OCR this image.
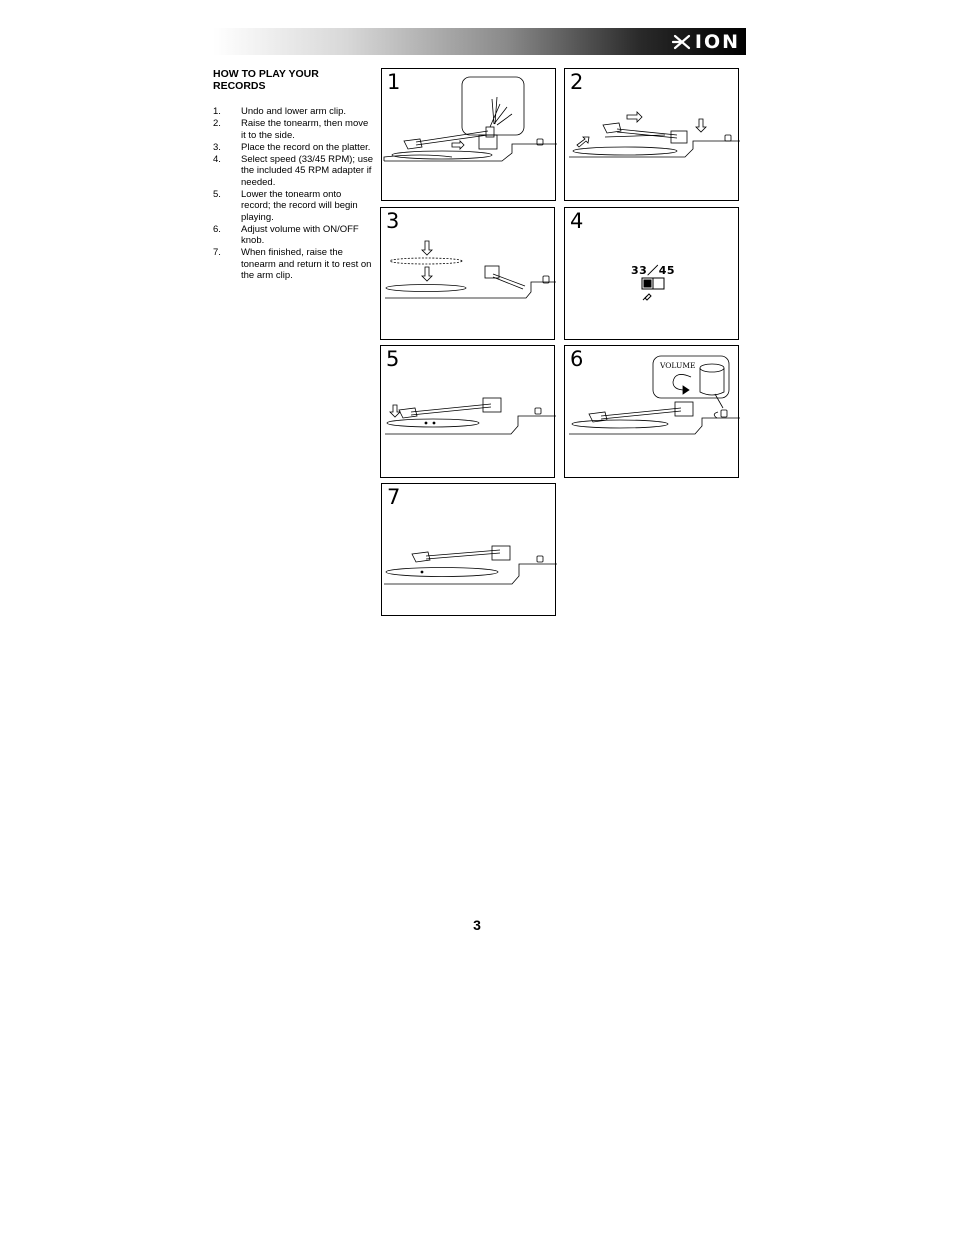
ION
HOW TO PLAY YOUR RECORDS
1.	Undo and lower arm clip.
2.	Raise the tonearm, then move it to the side.
3.	Place the record on the platter.
4.	Select speed (33/45 RPM); use the included 45 RPM adapter if needed.
5.	Lower the tonearm onto record; the record will begin playing.
6.	Adjust volume with ON/OFF knob.
7.	When finished, raise the tonearm and return it to rest on the arm clip.
1	2
3	4
33／45
5	6	VOLUME
7
3
